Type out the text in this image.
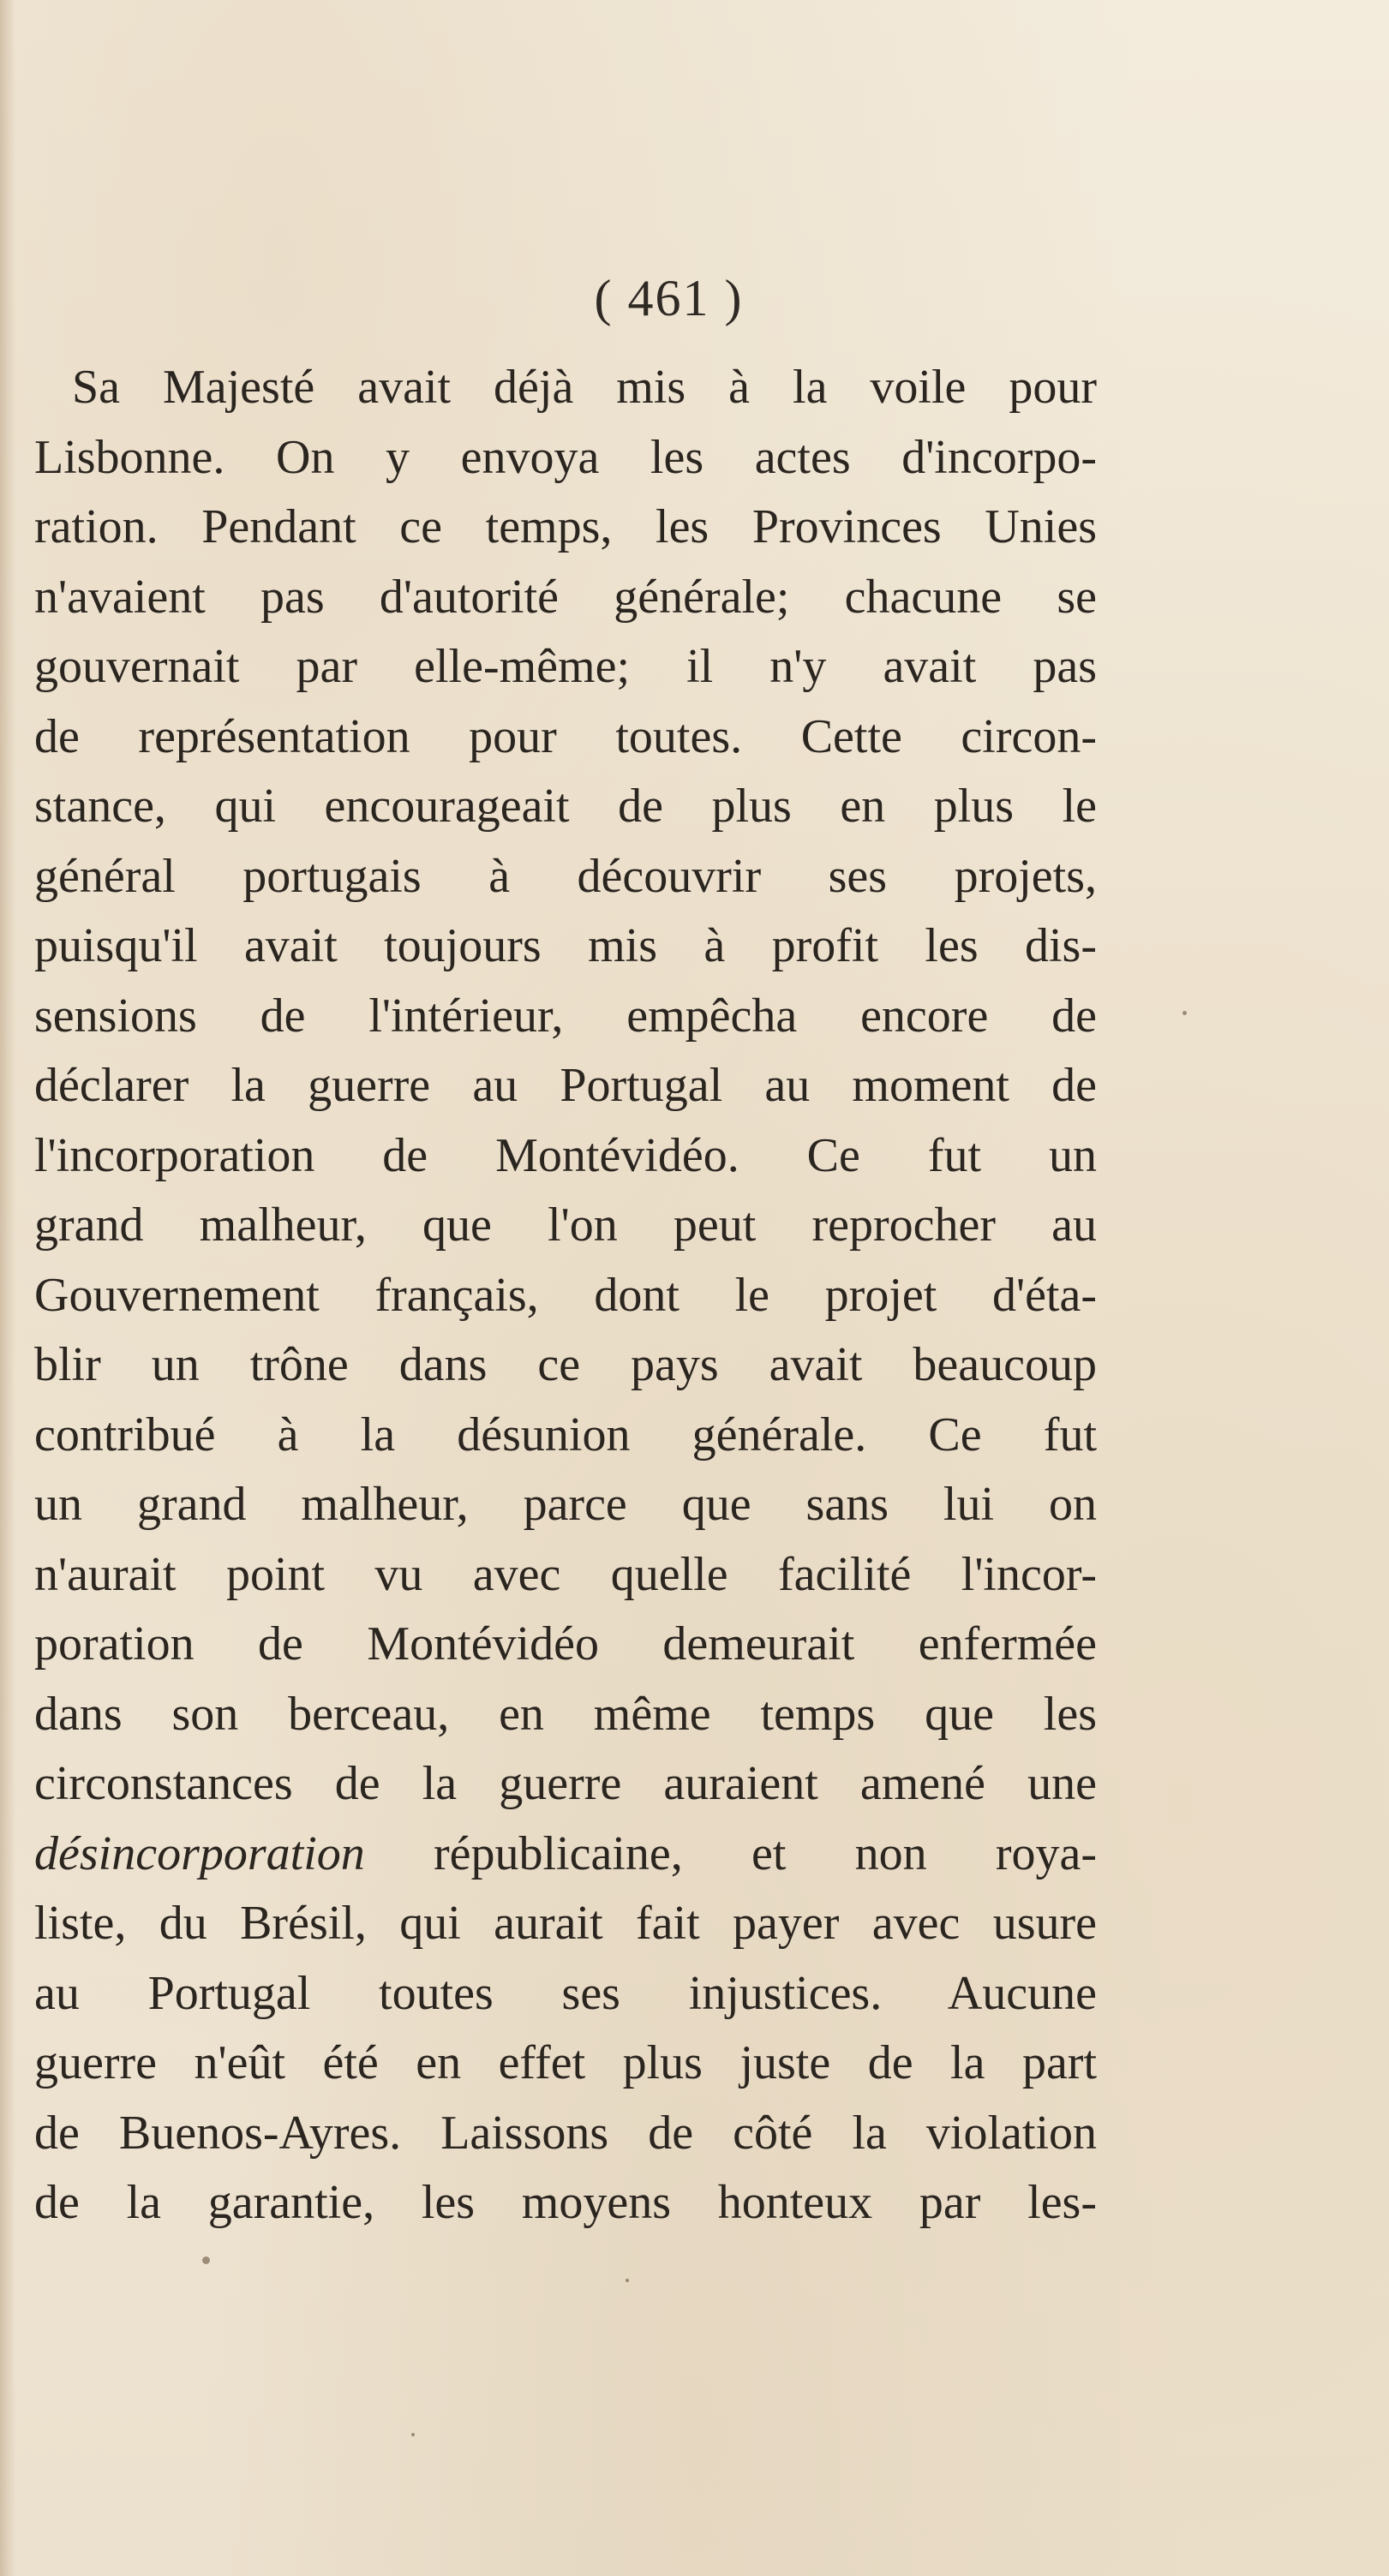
( 461 )
Sa Majesté avait déjà mis à la voile pour
Lisbonne. On y envoya les actes d'incorpo-
ration. Pendant ce temps, les Provinces Unies
n'avaient pas d'autorité générale; chacune se
gouvernait par elle-même; il n'y avait pas
de représentation pour toutes. Cette circon-
stance, qui encourageait de plus en plus le
général portugais à découvrir ses projets,
puisqu'il avait toujours mis à profit les dis-
sensions de l'intérieur, empêcha encore de
déclarer la guerre au Portugal au moment de
l'incorporation de Montévidéo. Ce fut un
grand malheur, que l'on peut reprocher au
Gouvernement français, dont le projet d'éta-
blir un trône dans ce pays avait beaucoup
contribué à la désunion générale. Ce fut
un grand malheur, parce que sans lui on
n'aurait point vu avec quelle facilité l'incor-
poration de Montévidéo demeurait enfermée
dans son berceau, en même temps que les
circonstances de la guerre auraient amené une
désincorporation républicaine, et non roya-
liste, du Brésil, qui aurait fait payer avec usure
au Portugal toutes ses injustices. Aucune
guerre n'eût été en effet plus juste de la part
de Buenos-Ayres. Laissons de côté la violation
de la garantie, les moyens honteux par les-
